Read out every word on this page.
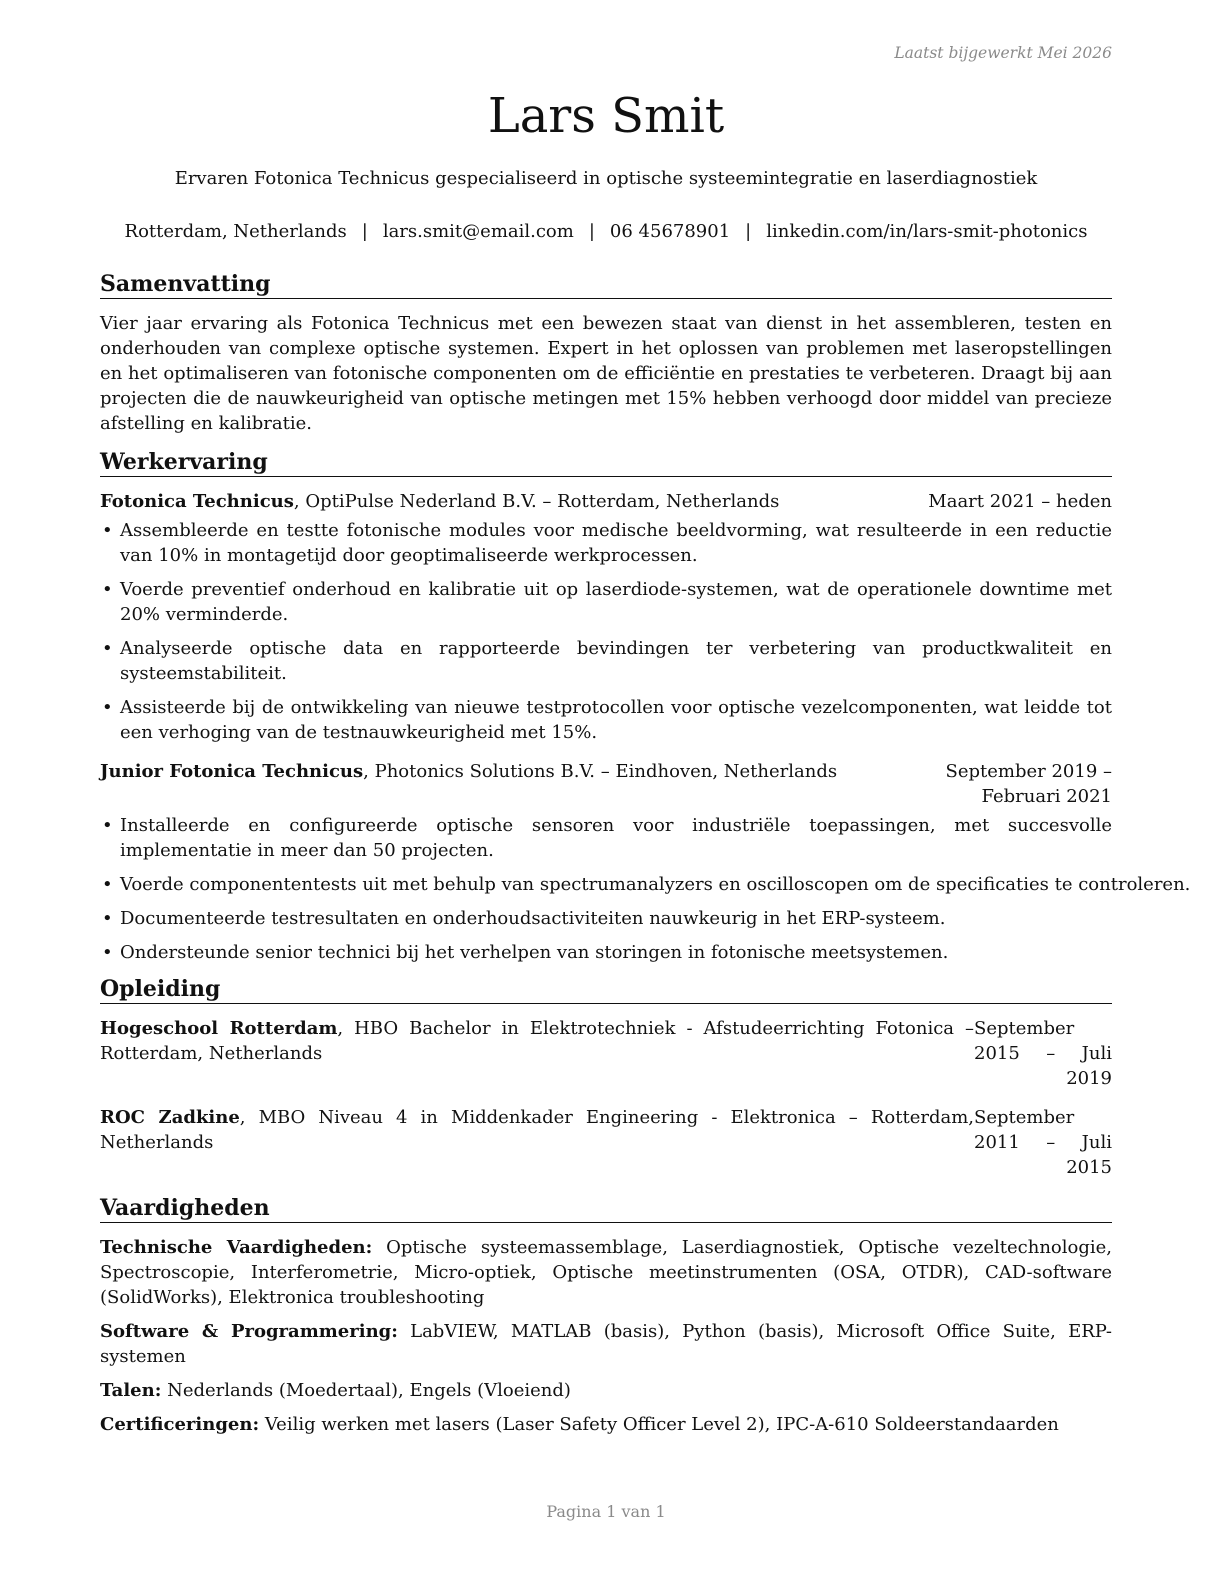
Laatst bijgewerkt Mei 2026
Lars Smit
Ervaren Fotonica Technicus gespecialiseerd in optische systeemintegratie en laserdiagnostiek
Rotterdam, Netherlands | lars.smit@email.com | 06 45678901 | linkedin.com/in/lars-smit-photonics
Samenvatting

Vier jaar ervaring als Fotonica Technicus met een bewezen staat van dienst in het assembleren, testen en onderhouden van complexe optische systemen. Expert in het oplossen van problemen met laseropstellingen en het optimaliseren van fotonische componenten om de efficiëntie en prestaties te verbeteren. Draagt bij aan projecten die de nauwkeurigheid van optische metingen met 15% hebben verhoogd door middel van precieze afstelling en kalibratie.

Werkervaring
Fotonica Technicus, OptiPulse Nederland B.V. – Rotterdam, Netherlands	Maart 2021 – heden
• Assembleerde en testte fotonische modules voor medische beeldvorming, wat resulteerde in een reductie van 10% in montagetijd door geoptimaliseerde werkprocessen.
• Voerde preventief onderhoud en kalibratie uit op laserdiode-systemen, wat de operationele downtime met 20% verminderde.
• Analyseerde optische data en rapporteerde bevindingen ter verbetering van productkwaliteit en systeemstabiliteit.
• Assisteerde bij de ontwikkeling van nieuwe testprotocollen voor optische vezelcomponenten, wat leidde tot een verhoging van de testnauwkeurigheid met 15%.
Junior Fotonica Technicus, Photonics Solutions B.V. – Eindhoven, Netherlands	September 2019 – Februari 2021
• Installeerde en configureerde optische sensoren voor industriële toepassingen, met succesvolle implementatie in meer dan 50 projecten.
• Voerde componententests uit met behulp van spectrumanalyzers en oscilloscopen om de specificaties te controleren.
• Documenteerde testresultaten en onderhoudsactiviteiten nauwkeurig in het ERP-systeem.
• Ondersteunde senior technici bij het verhelpen van storingen in fotonische meetsystemen.
Opleiding
Hogeschool Rotterdam, HBO Bachelor in Elektrotechniek - Afstudeerrichting Fotonica – Rotterdam, Netherlands
September 2015 – Juli 2019
ROC Zadkine, MBO Niveau 4 in Middenkader Engineering - Elektronica – Rotterdam, Netherlands
September 2011 – Juli 2015
Vaardigheden

Technische Vaardigheden: Optische systeemassemblage, Laserdiagnostiek, Optische vezeltechnologie, Spectroscopie, Interferometrie, Micro-optiek, Optische meetinstrumenten (OSA, OTDR), CAD-software (SolidWorks), Elektronica troubleshooting

Software & Programmering: LabVIEW, MATLAB (basis), Python (basis), Microsoft Office Suite, ERP-systemen

Talen: Nederlands (Moedertaal), Engels (Vloeiend)

Certificeringen: Veilig werken met lasers (Laser Safety Officer Level 2), IPC-A-610 Soldeerstandaarden

Pagina 1 van 1
